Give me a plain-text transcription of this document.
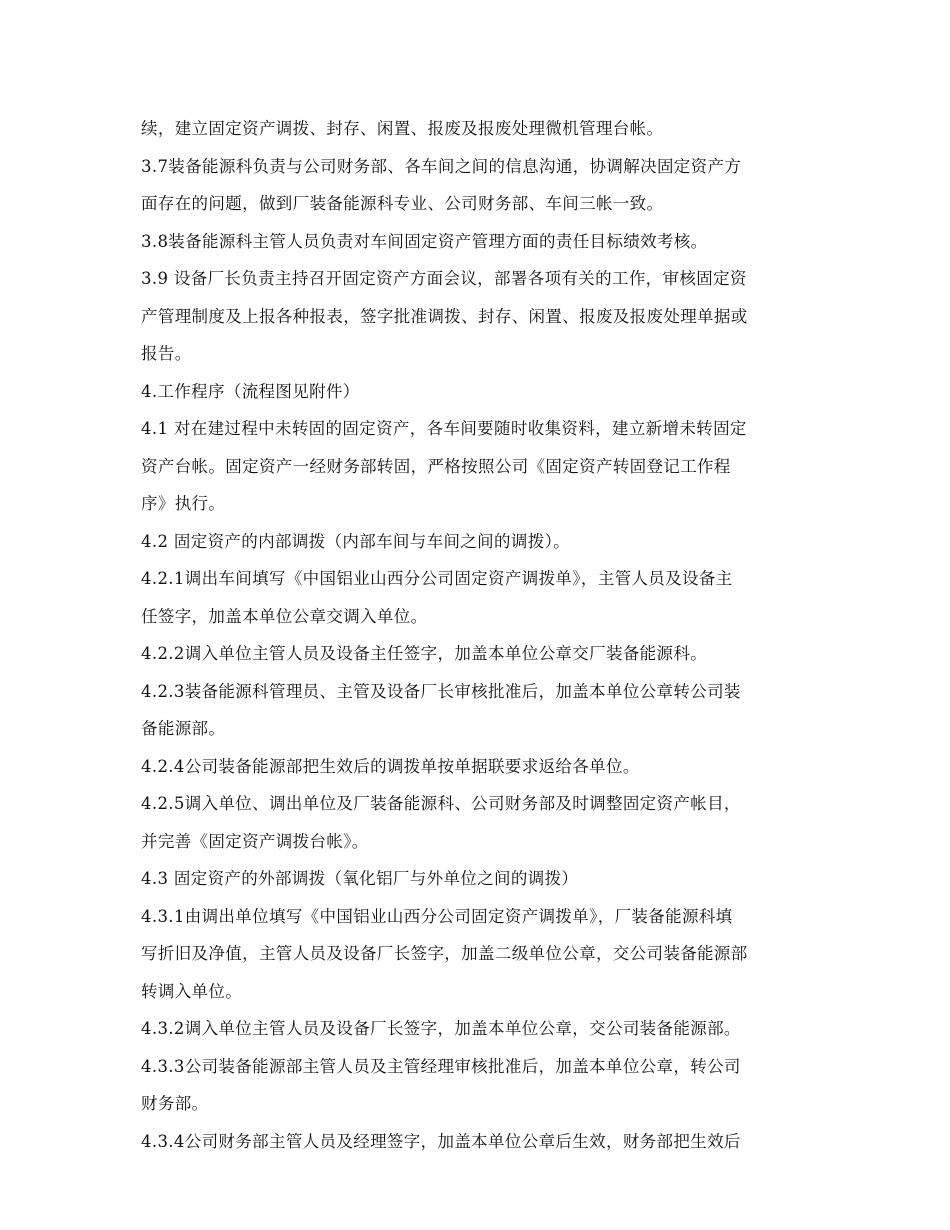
续，建立固定资产调拨、封存、闲置、报废及报废处理微机管理台帐。
3.7装备能源科负责与公司财务部、各车间之间的信息沟通，协调解决固定资产方
面存在的问题，做到厂装备能源科专业、公司财务部、车间三帐一致。
3.8装备能源科主管人员负责对车间固定资产管理方面的责任目标绩效考核。
3.9 设备厂长负责主持召开固定资产方面会议，部署各项有关的工作，审核固定资
产管理制度及上报各种报表，签字批准调拨、封存、闲置、报废及报废处理单据或
报告。
4.工作程序（流程图见附件）
4.1 对在建过程中未转固的固定资产，各车间要随时收集资料，建立新增未转固定
资产台帐。固定资产一经财务部转固，严格按照公司《固定资产转固登记工作程
序》执行。
4.2 固定资产的内部调拨（内部车间与车间之间的调拨）。
4.2.1调出车间填写《中国铝业山西分公司固定资产调拨单》，主管人员及设备主
任签字，加盖本单位公章交调入单位。
4.2.2调入单位主管人员及设备主任签字，加盖本单位公章交厂装备能源科。
4.2.3装备能源科管理员、主管及设备厂长审核批准后，加盖本单位公章转公司装
备能源部。
4.2.4公司装备能源部把生效后的调拨单按单据联要求返给各单位。
4.2.5调入单位、调出单位及厂装备能源科、公司财务部及时调整固定资产帐目，
并完善《固定资产调拨台帐》。
4.3 固定资产的外部调拨（氧化铝厂与外单位之间的调拨）
4.3.1由调出单位填写《中国铝业山西分公司固定资产调拨单》，厂装备能源科填
写折旧及净值，主管人员及设备厂长签字，加盖二级单位公章，交公司装备能源部
转调入单位。
4.3.2调入单位主管人员及设备厂长签字，加盖本单位公章，交公司装备能源部。
4.3.3公司装备能源部主管人员及主管经理审核批准后，加盖本单位公章，转公司
财务部。
4.3.4公司财务部主管人员及经理签字，加盖本单位公章后生效，财务部把生效后
